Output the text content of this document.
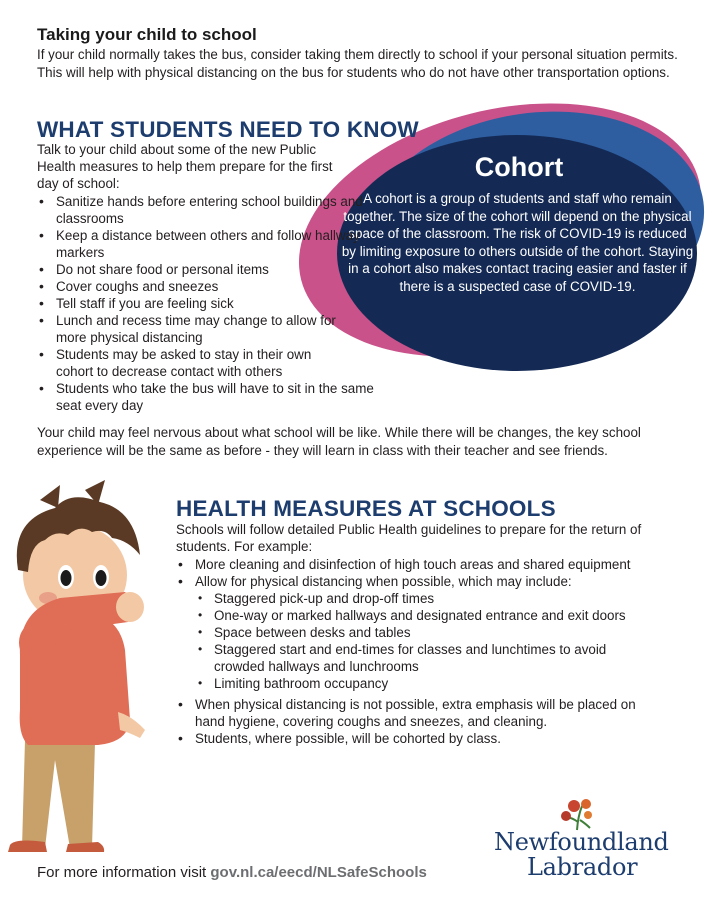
Taking your child to school
If your child normally takes the bus, consider taking them directly to school if your personal situation permits. This will help with physical distancing on the bus for students who do not have other transportation options.
Cohort
A cohort is a group of students and staff who remain together. The size of the cohort will depend on the physical space of the classroom. The risk of COVID-19 is reduced by limiting exposure to others outside of the cohort. Staying in a cohort also makes contact tracing easier and faster if there is a suspected case of COVID-19.
WHAT STUDENTS NEED TO KNOW
Talk to your child about some of the new Public Health measures to help them prepare for the first day of school:
• Sanitize hands before entering school buildings and classrooms
• Keep a distance between others and follow hallway markers
• Do not share food or personal items
• Cover coughs and sneezes
• Tell staff if you are feeling sick
• Lunch and recess time may change to allow for more physical distancing
• Students may be asked to stay in their own cohort to decrease contact with others
• Students who take the bus will have to sit in the same seat every day
Your child may feel nervous about what school will be like. While there will be changes, the key school experience will be the same as before - they will learn in class with their teacher and see friends.
HEALTH MEASURES AT SCHOOLS
Schools will follow detailed Public Health guidelines to prepare for the return of students. For example:
• More cleaning and disinfection of high touch areas and shared equipment
• Allow for physical distancing when possible, which may include:
• Staggered pick-up and drop-off times
• One-way or marked hallways and designated entrance and exit doors
• Space between desks and tables
• Staggered start and end-times for classes and lunchtimes to avoid crowded hallways and lunchrooms
• Limiting bathroom occupancy
• When physical distancing is not possible, extra emphasis will be placed on hand hygiene, covering coughs and sneezes, and cleaning.
• Students, where possible, will be cohorted by class.
For more information visit gov.nl.ca/eecd/NLSafeSchools
Newfoundland
Labrador
